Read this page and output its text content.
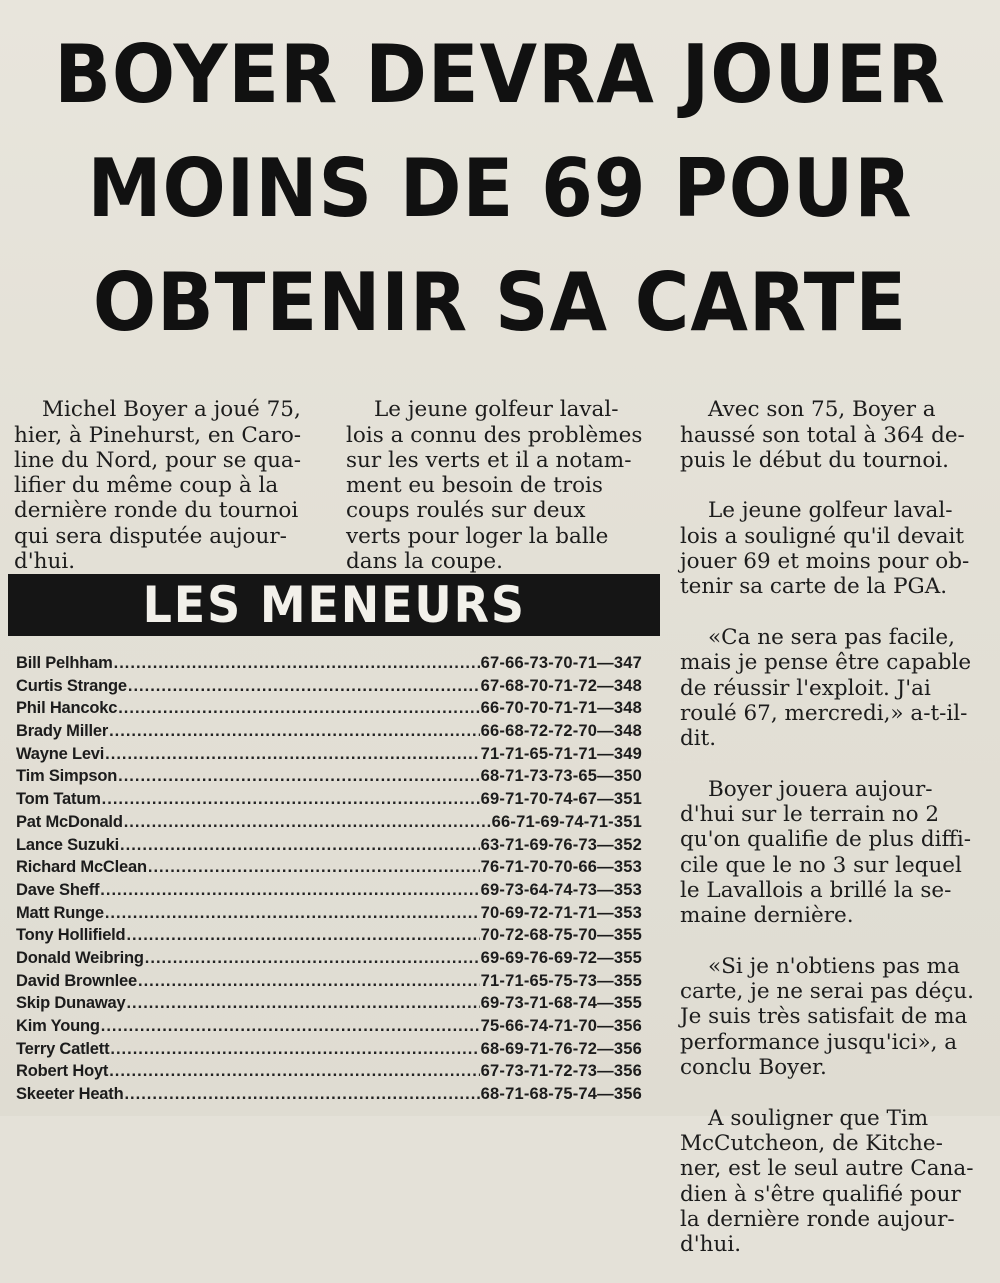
BOYER DEVRA JOUER
MOINS DE 69 POUR
OBTENIR SA CARTE

Michel Boyer a joué 75,
hier, à Pinehurst, en Caro-
line du Nord, pour se qua-
lifier du même coup à la
dernière ronde du tournoi
qui sera disputée aujour-
d'hui.

Le jeune golfeur laval-
lois a connu des problèmes
sur les verts et il a notam-
ment eu besoin de trois
coups roulés sur deux
verts pour loger la balle
dans la coupe.

Avec son 75, Boyer a
haussé son total à 364 de-
puis le début du tournoi.

Le jeune golfeur laval-
lois a souligné qu'il devait
jouer 69 et moins pour ob-
tenir sa carte de la PGA.

«Ca ne sera pas facile,
mais je pense être capable
de réussir l'exploit. J'ai
roulé 67, mercredi,» a-t-il-
dit.

Boyer jouera aujour-
d'hui sur le terrain no 2
qu'on qualifie de plus diffi-
cile que le no 3 sur lequel
le Lavallois a brillé la se-
maine dernière.

«Si je n'obtiens pas ma
carte, je ne serai pas déçu.
Je suis très satisfait de ma
performance jusqu'ici», a
conclu Boyer.

A souligner que Tim
McCutcheon, de Kitche-
ner, est le seul autre Cana-
dien à s'être qualifié pour
la dernière ronde aujour-
d'hui.

LES MENEURS
Bill Pelhham .....	67-66-73-70-71—347
Curtis Strange .....	67-68-70-71-72—348
Phil Hancokc .....	66-70-70-71-71—348
Brady Miller .....	66-68-72-72-70—348
Wayne Levi .....	71-71-65-71-71—349
Tim Simpson .....	68-71-73-73-65—350
Tom Tatum .....	69-71-70-74-67—351
Pat McDonald .....	66-71-69-74-71-351
Lance Suzuki .....	63-71-69-76-73—352
Richard McClean .....	76-71-70-70-66—353
Dave Sheff .....	69-73-64-74-73—353
Matt Runge .....	70-69-72-71-71—353
Tony Hollifield .....	70-72-68-75-70—355
Donald Weibring .....	69-69-76-69-72—355
David Brownlee .....	71-71-65-75-73—355
Skip Dunaway .....	69-73-71-68-74—355
Kim Young .....	75-66-74-71-70—356
Terry Catlett .....	68-69-71-76-72—356
Robert Hoyt .....	67-73-71-72-73—356
Skeeter Heath .....	68-71-68-75-74—356
